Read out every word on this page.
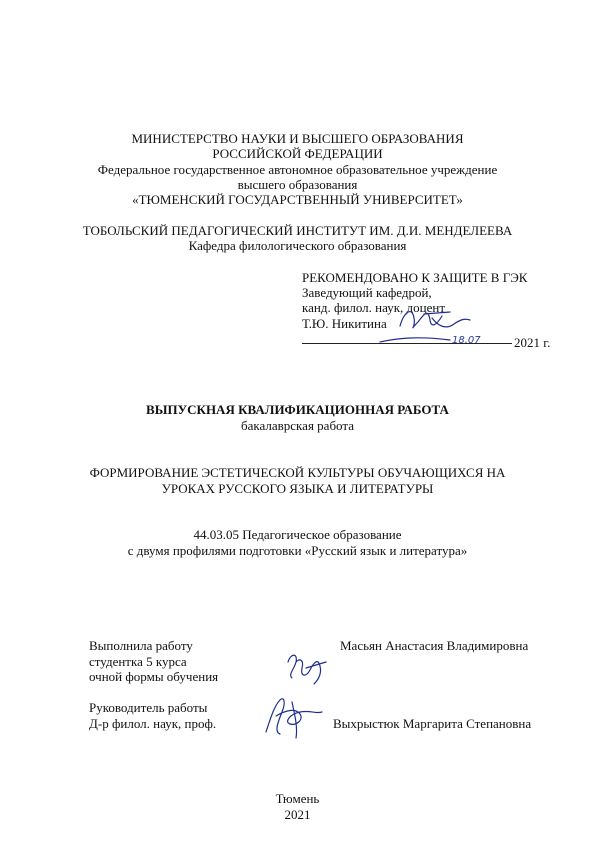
МИНИСТЕРСТВО НАУКИ И ВЫСШЕГО ОБРАЗОВАНИЯ
РОССИЙСКОЙ ФЕДЕРАЦИИ
Федеральное государственное автономное образовательное учреждение
высшего образования
«ТЮМЕНСКИЙ ГОСУДАРСТВЕННЫЙ УНИВЕРСИТЕТ»
ТОБОЛЬСКИЙ ПЕДАГОГИЧЕСКИЙ ИНСТИТУТ ИМ. Д.И. МЕНДЕЛЕЕВА
Кафедра филологического образования
РЕКОМЕНДОВАНО К ЗАЩИТЕ В ГЭК
Заведующий кафедрой,
канд. филол. наук, доцент
Т.Ю. Никитина
18.07	2021 г.
ВЫПУСКНАЯ КВАЛИФИКАЦИОННАЯ РАБОТА
бакалаврская работа
ФОРМИРОВАНИЕ ЭСТЕТИЧЕСКОЙ КУЛЬТУРЫ ОБУЧАЮЩИХСЯ НА
УРОКАХ РУССКОГО ЯЗЫКА И ЛИТЕРАТУРЫ
44.03.05 Педагогическое образование
с двумя профилями подготовки «Русский язык и литература»
Выполнила работу
студентка 5 курса
очной формы обучения
Масьян Анастасия Владимировна
Руководитель работы
Д-р филол. наук, проф.	Выхрыстюк Маргарита Степановна
Тюмень
2021
